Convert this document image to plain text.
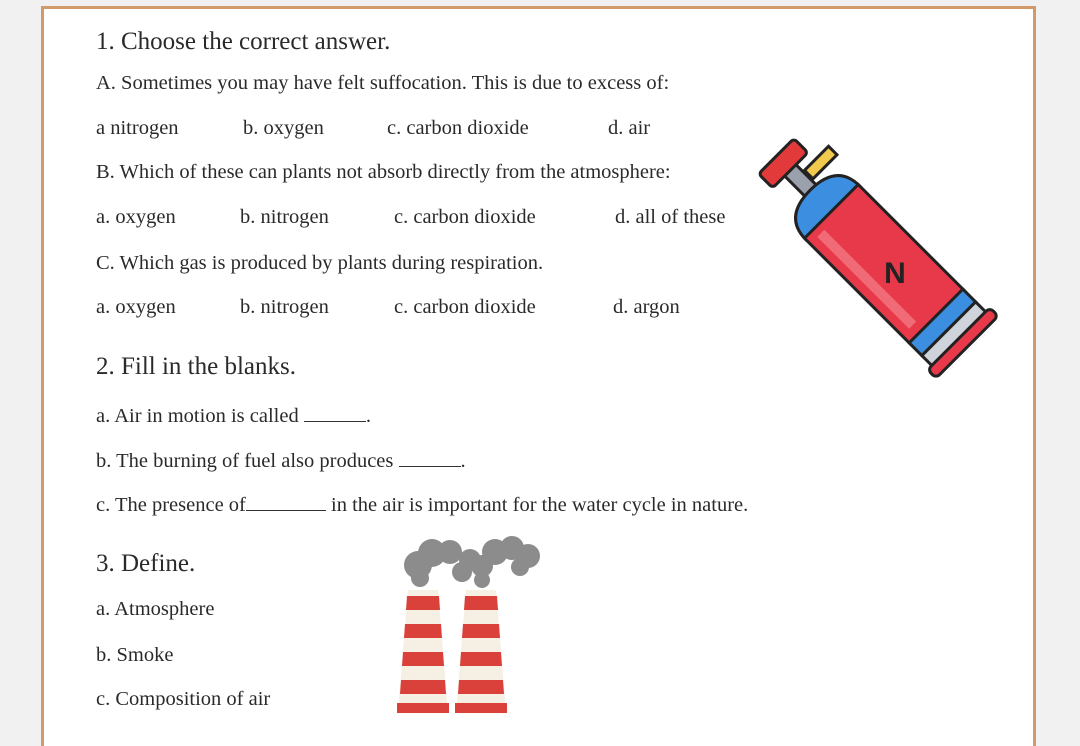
1. Choose the correct answer.
A. Sometimes you may have felt suffocation. This is due to excess of:
a nitrogen	b. oxygen	c. carbon dioxide	d. air
B. Which of these can plants not absorb directly from the atmosphere:
a. oxygen	b. nitrogen	c. carbon dioxide	d. all of these
C. Which gas is produced by plants during respiration.
a. oxygen	b. nitrogen	c. carbon dioxide	d. argon
2. Fill in the blanks.
a. Air in motion is called	.
b. The burning of fuel also produces	.
c. The presence of	in the air is important for the water cycle in nature.
3. Define.
a. Atmosphere
b. Smoke
c. Composition of air
N
